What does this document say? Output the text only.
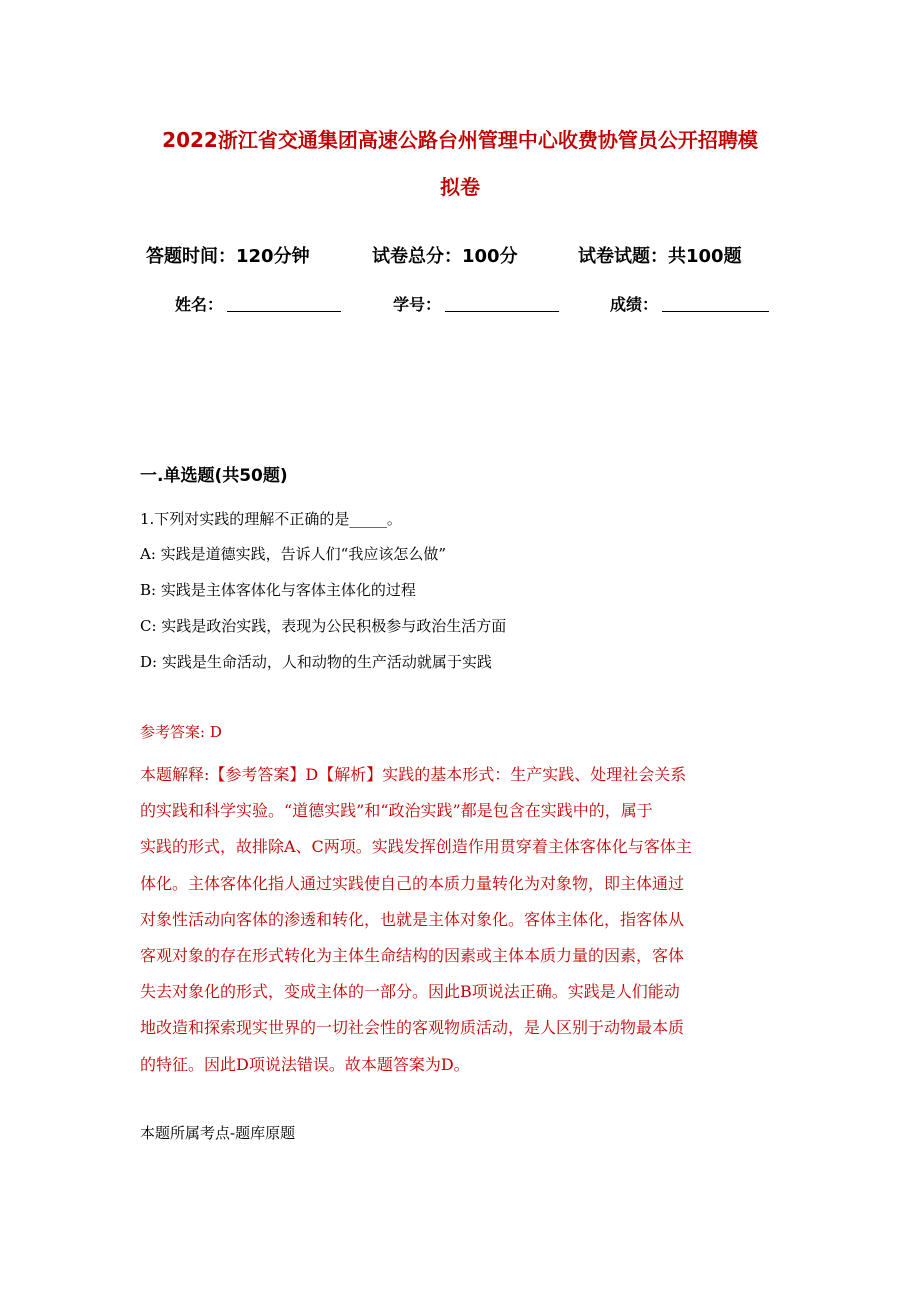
2022浙江省交通集团高速公路台州管理中心收费协管员公开招聘模
拟卷
答题时间：120分钟	试卷总分：100分	试卷试题：共100题
姓名：	学号：	成绩：
一.单选题(共50题)

1.下列对实践的理解不正确的是_____。

A: 实践是道德实践，告诉人们“我应该怎么做”

B: 实践是主体客体化与客体主体化的过程

C: 实践是政治实践，表现为公民积极参与政治生活方面

D: 实践是生命活动，人和动物的生产活动就属于实践

参考答案: D

本题解释:【参考答案】D【解析】实践的基本形式：生产实践、处理社会关系
的实践和科学实验。“道德实践”和“政治实践”都是包含在实践中的，属于
实践的形式，故排除A、C两项。实践发挥创造作用贯穿着主体客体化与客体主
体化。主体客体化指人通过实践使自己的本质力量转化为对象物，即主体通过
对象性活动向客体的渗透和转化，也就是主体对象化。客体主体化，指客体从
客观对象的存在形式转化为主体生命结构的因素或主体本质力量的因素，客体
失去对象化的形式，变成主体的一部分。因此B项说法正确。实践是人们能动
地改造和探索现实世界的一切社会性的客观物质活动，是人区别于动物最本质
的特征。因此D项说法错误。故本题答案为D。

本题所属考点-题库原题
